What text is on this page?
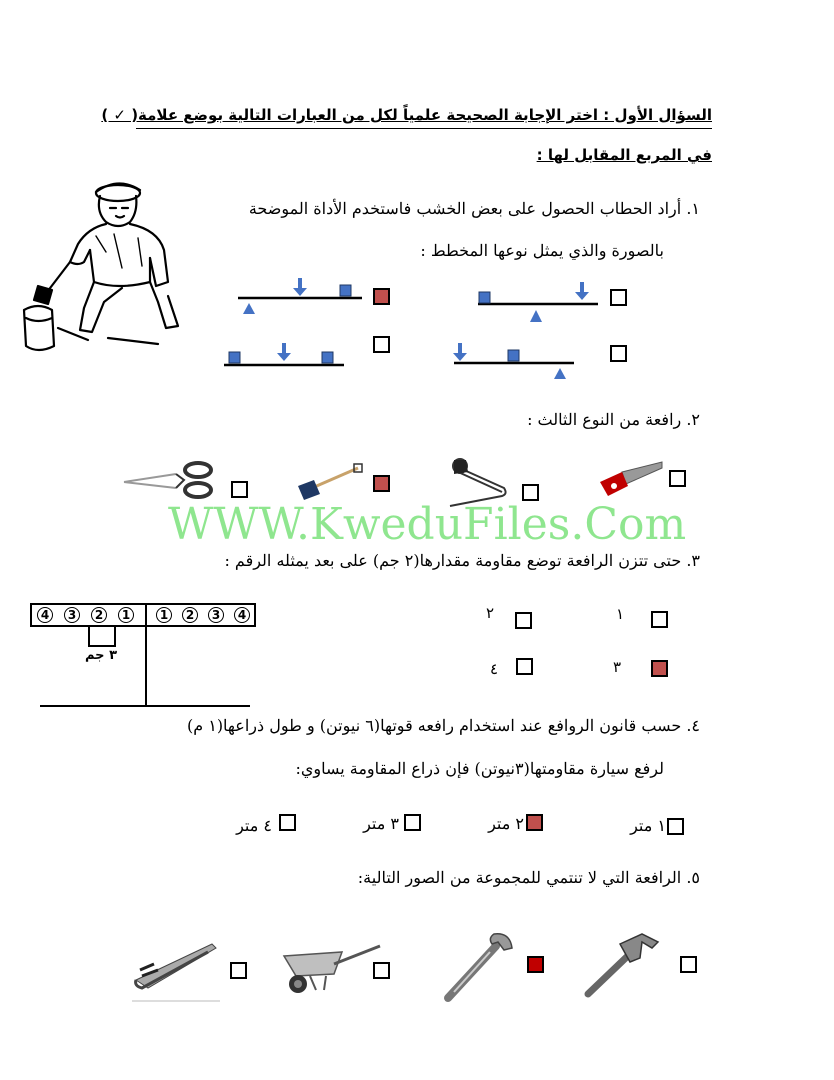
السؤال الأول : اختر الإجابة الصحيحة علمياً لكل من العبارات التالية بوضع علامة( ✓ )
في المربع المقابل لها :
١. أراد الحطاب الحصول على بعض الخشب فاستخدم الأداة الموضحة
بالصورة والذي يمثل نوعها المخطط :
٢. رافعة من النوع الثالث :
WWW.KweduFiles.Com
٣. حتى تتزن الرافعة توضع مقاومة مقدارها(٢ جم) على بعد يمثله الرقم :
4	3	2	1	1	2	3	4
٣ جم
١
٢
٣
٤
٤. حسب قانون الروافع عند استخدام رافعه قوتها(٦ نيوتن) و طول ذراعها(١ م)
لرفع سيارة مقاومتها(٣نيوتن) فإن ذراع المقاومة يساوي:
١ متر
٢ متر
٣ متر
٤ متر
٥. الرافعة التي لا تنتمي للمجموعة من الصور التالية:
